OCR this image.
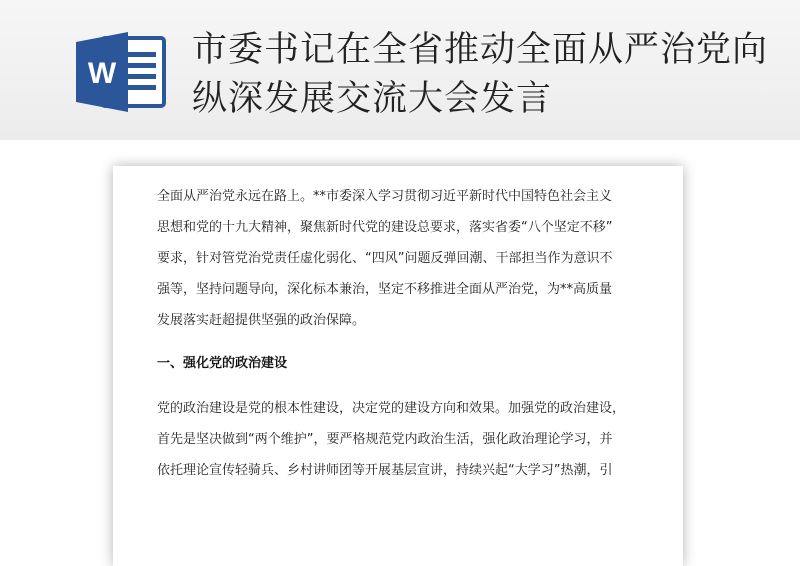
W
市委书记在全省推动全面从严治党向纵深发展交流大会发言

全面从严治党永远在路上。**市委深入学习贯彻习近平新时代中国特色社会主义
思想和党的十九大精神，聚焦新时代党的建设总要求，落实省委“八个坚定不移”
要求，针对管党治党责任虚化弱化、“四风”问题反弹回潮、干部担当作为意识不
强等，坚持问题导向，深化标本兼治，坚定不移推进全面从严治党，为**高质量
发展落实赶超提供坚强的政治保障。

一、强化党的政治建设

党的政治建设是党的根本性建设，决定党的建设方向和效果。加强党的政治建设，
首先是坚决做到“两个维护”，要严格规范党内政治生活，强化政治理论学习，并
依托理论宣传轻骑兵、乡村讲师团等开展基层宣讲，持续兴起“大学习”热潮，引
